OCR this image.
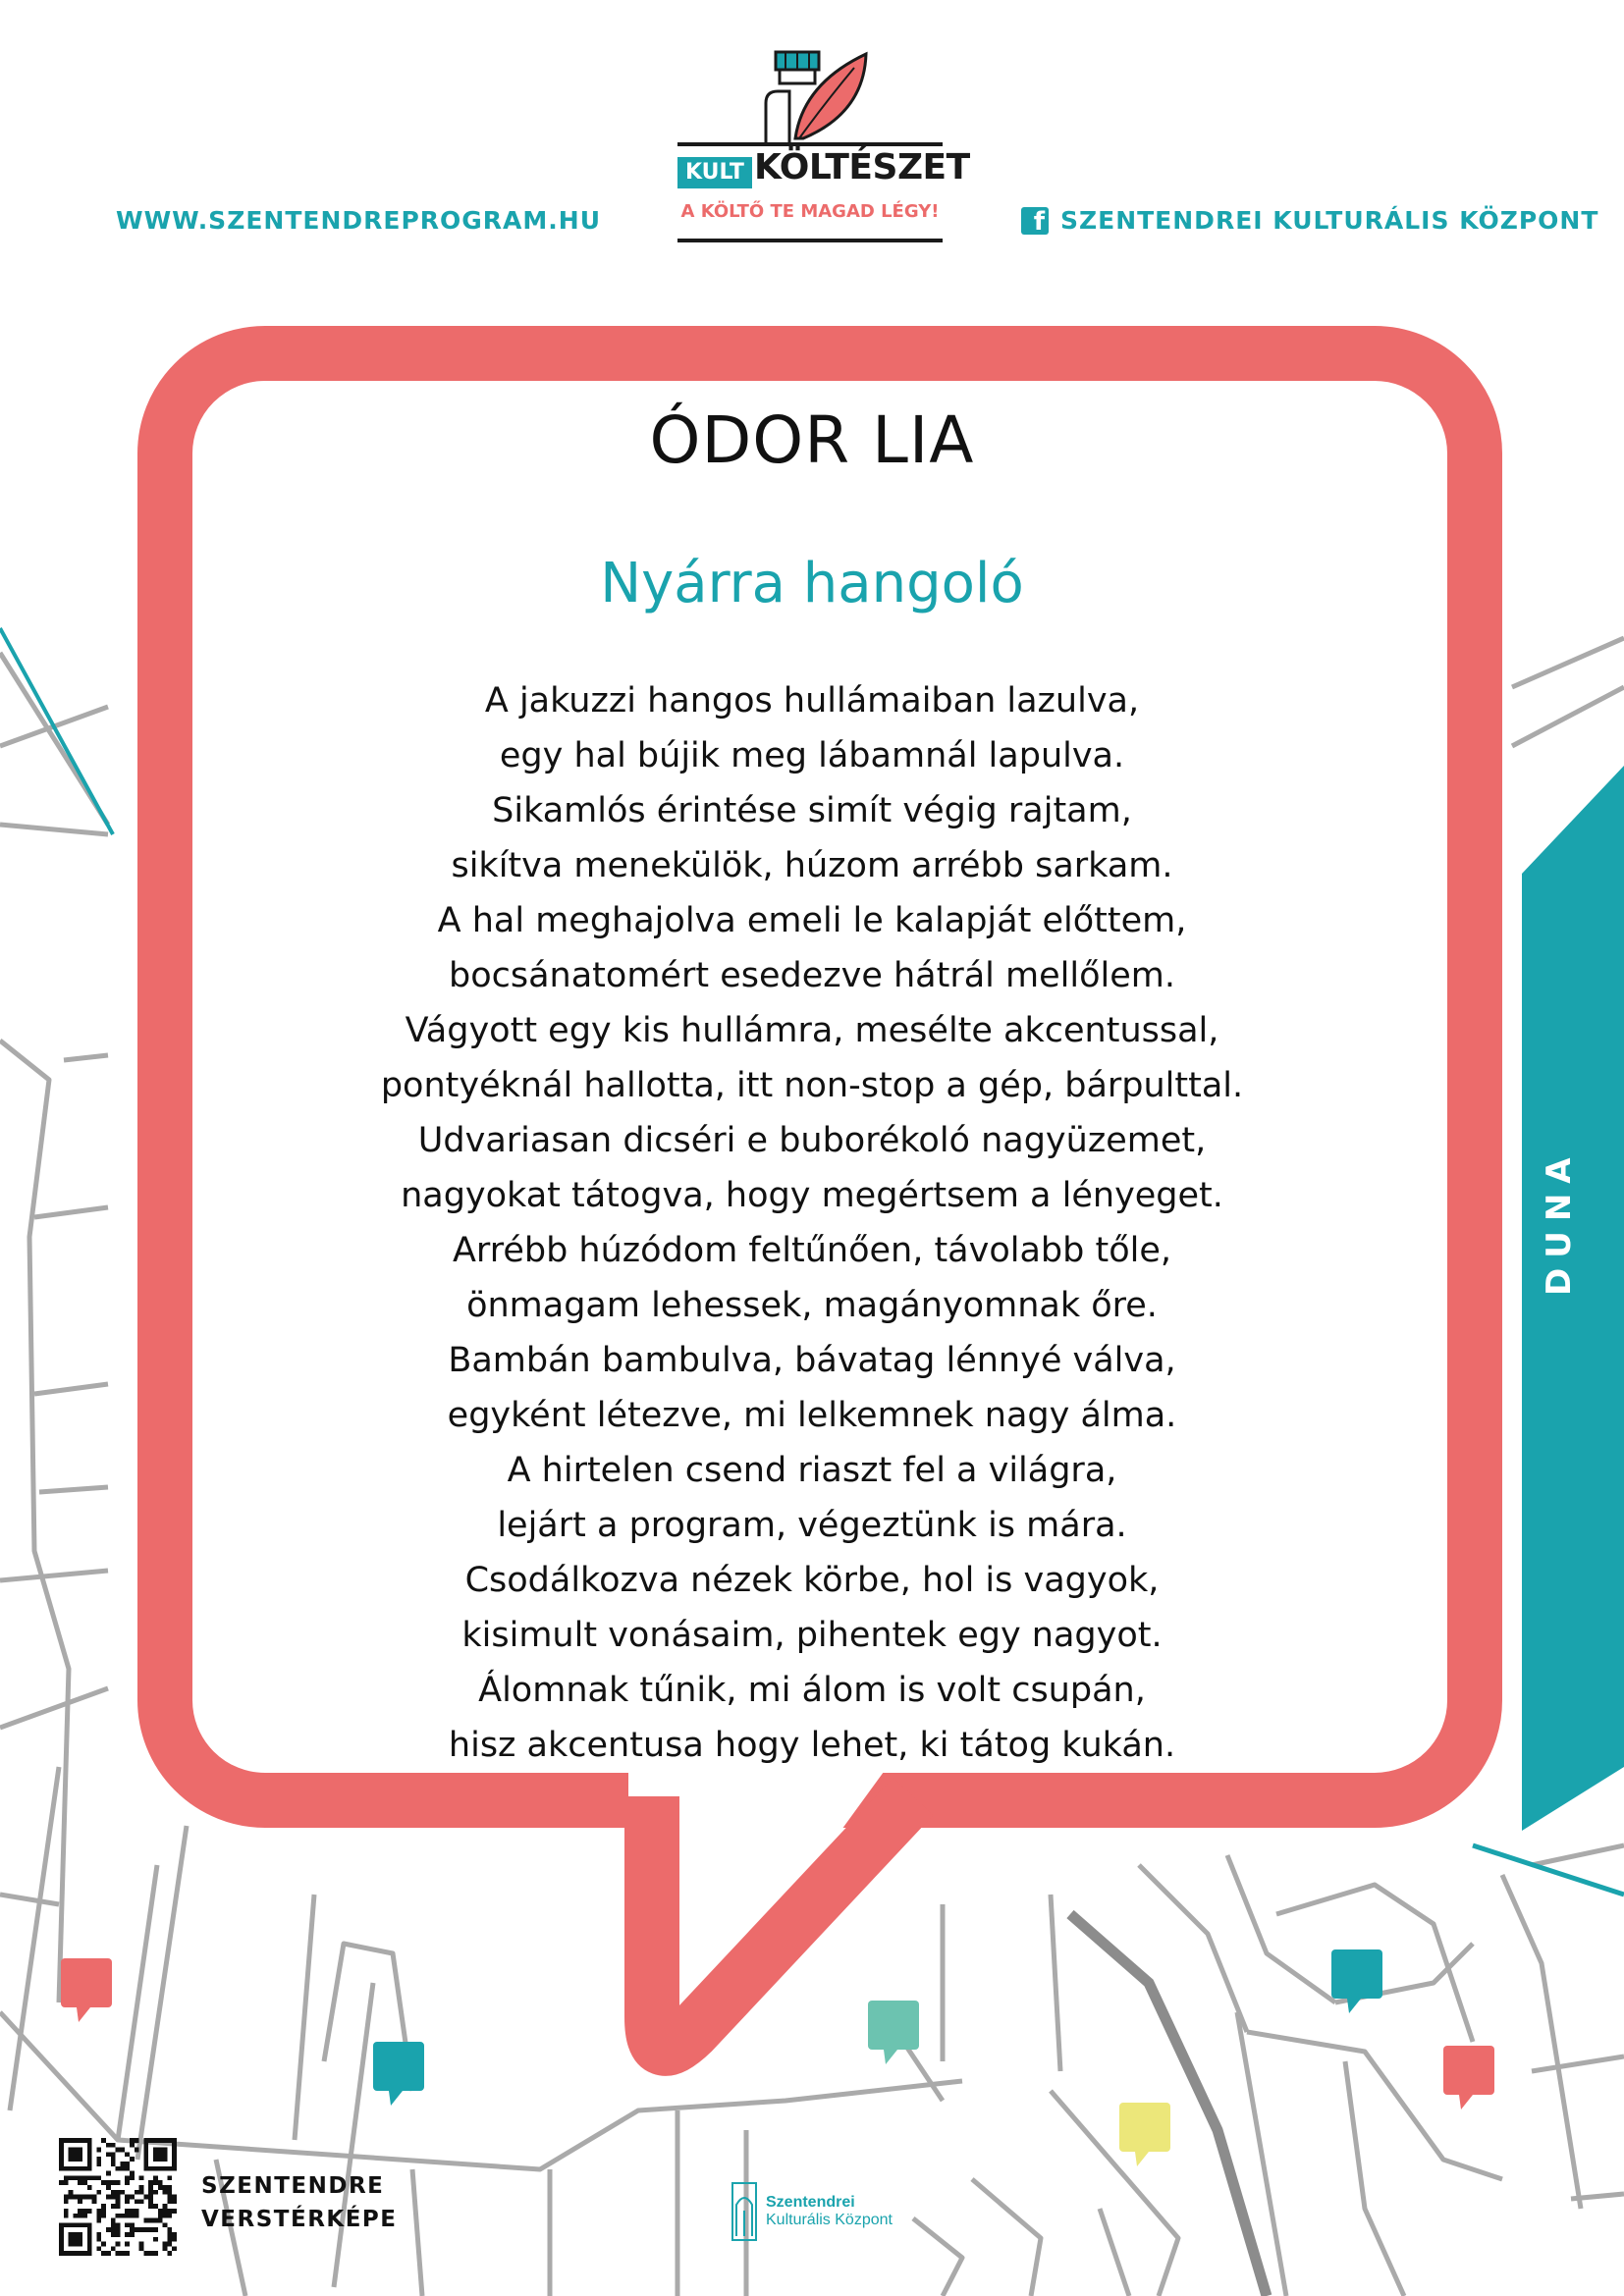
WWW.SZENTENDREPROGRAM.HU	f SZENTENDREI KULTURÁLIS KÖZPONT
KULT KÖLTÉSZET
A KÖLTŐ TE MAGAD LÉGY!
ÓDOR LIA
Nyárra hangoló
A jakuzzi hangos hullámaiban lazulva,
egy hal bújik meg lábamnál lapulva.
Sikamlós érintése simít végig rajtam,
sikítva menekülök, húzom arrébb sarkam.
A hal meghajolva emeli le kalapját előttem,
bocsánatomért esedezve hátrál mellőlem.
Vágyott egy kis hullámra, mesélte akcentussal,
pontyéknál hallotta, itt non-stop a gép, bárpulttal.
Udvariasan dicséri e buborékoló nagyüzemet,
nagyokat tátogva, hogy megértsem a lényeget.
Arrébb húzódom feltűnően, távolabb tőle,
önmagam lehessek, magányomnak őre.
Bambán bambulva, bávatag lénnyé válva,
egyként létezve, mi lelkemnek nagy álma.
A hirtelen csend riaszt fel a világra,
lejárt a program, végeztünk is mára.
Csodálkozva nézek körbe, hol is vagyok,
kisimult vonásaim, pihentek egy nagyot.
Álomnak tűnik, mi álom is volt csupán,
hisz akcentusa hogy lehet, ki tátog kukán.
DUNA
SZENTENDRE
VERSTÉRKÉPE
Szentendrei
Kulturális Központ
